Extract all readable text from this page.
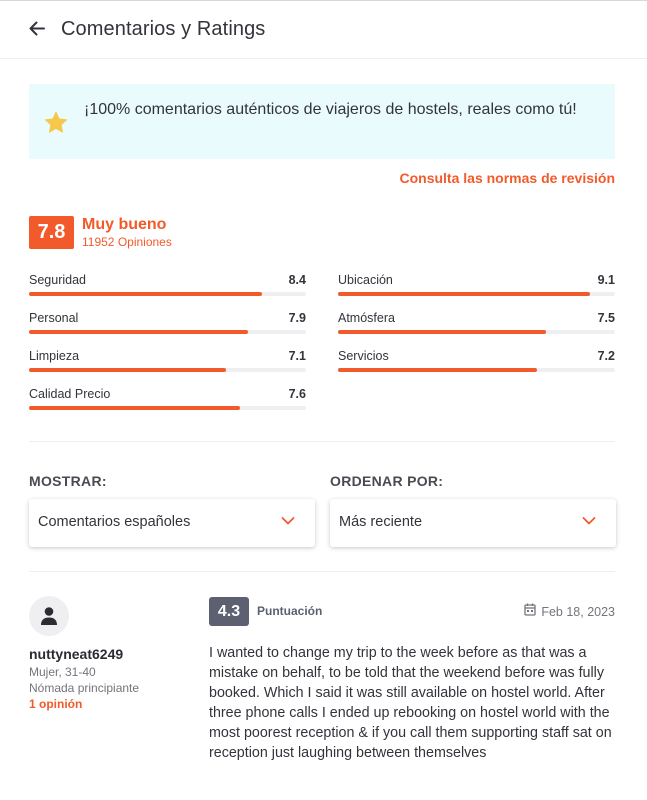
Comentarios y Ratings
¡100% comentarios auténticos de viajeros de hostels, reales como tú!
Consulta las normas de revisión
7.8	Muy bueno
11952 Opiniones
Seguridad	8.4	Ubicación	9.1
Personal	7.9	Atmósfera	7.5
Limpieza	7.1	Servicios	7.2
Calidad Precio	7.6
MOSTRAR:
Comentarios españoles
ORDENAR POR:
Más reciente
nuttyneat6249
Mujer, 31-40
Nómada principiante
1 opinión
4.3	Puntuación	Feb 18, 2023
I wanted to change my trip to the week before as that was a mistake on behalf, to be told that the weekend before was fully booked. Which I said it was still available on hostel world. After three phone calls I ended up rebooking on hostel world with the most poorest reception & if you call them supporting staff sat on reception just laughing between themselves
